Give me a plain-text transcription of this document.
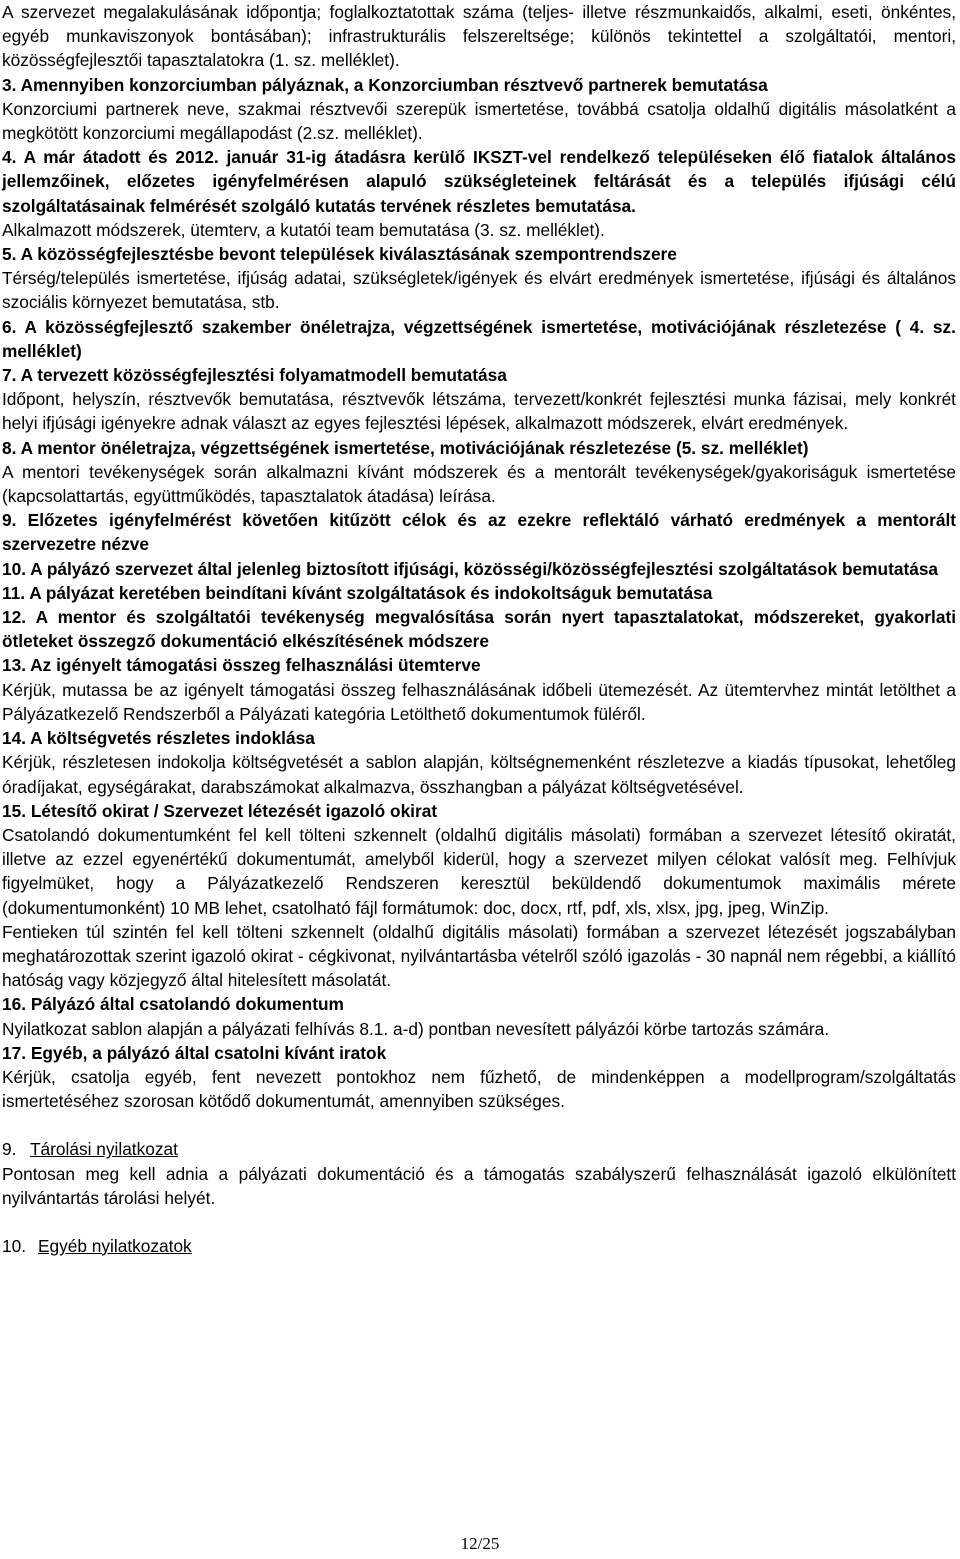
A szervezet megalakulásának időpontja; foglalkoztatottak száma (teljes- illetve részmunkaidős, alkalmi, eseti, önkéntes, egyéb munkaviszonyok bontásában); infrastrukturális felszereltsége; különös tekintettel a szolgáltatói, mentori, közösségfejlesztői tapasztalatokra (1. sz. melléklet).

3. Amennyiben konzorciumban pályáznak, a Konzorciumban résztvevő partnerek bemutatása

Konzorciumi partnerek neve, szakmai résztvevői szerepük ismertetése, továbbá csatolja oldalhű digitális másolatként a megkötött konzorciumi megállapodást (2.sz. melléklet).

4. A már átadott és 2012. január 31-ig átadásra kerülő IKSZT-vel rendelkező településeken élő fiatalok általános jellemzőinek, előzetes igényfelmérésen alapuló szükségleteinek feltárását és a település ifjúsági célú szolgáltatásainak felmérését szolgáló kutatás tervének részletes bemutatása.

Alkalmazott módszerek, ütemterv, a kutatói team bemutatása (3. sz. melléklet).

5. A közösségfejlesztésbe bevont települések kiválasztásának szempontrendszere

Térség/település ismertetése, ifjúság adatai, szükségletek/igények és elvárt eredmények ismertetése, ifjúsági és általános szociális környezet bemutatása, stb.

6. A közösségfejlesztő szakember önéletrajza, végzettségének ismertetése, motivációjának részletezése ( 4. sz. melléklet)

7. A tervezett közösségfejlesztési folyamatmodell bemutatása

Időpont, helyszín, résztvevők bemutatása, résztvevők létszáma, tervezett/konkrét fejlesztési munka fázisai, mely konkrét helyi ifjúsági igényekre adnak választ az egyes fejlesztési lépések, alkalmazott módszerek, elvárt eredmények.

8. A mentor önéletrajza, végzettségének ismertetése, motivációjának részletezése (5. sz. melléklet)

A mentori tevékenységek során alkalmazni kívánt módszerek és a mentorált tevékenységek/gyakoriságuk ismertetése (kapcsolattartás, együttműködés, tapasztalatok átadása) leírása.

9. Előzetes igényfelmérést követően kitűzött célok és az ezekre reflektáló várható eredmények a mentorált szervezetre nézve

10. A pályázó szervezet által jelenleg biztosított ifjúsági, közösségi/közösségfejlesztési szolgáltatások bemutatása

11. A pályázat keretében beindítani kívánt szolgáltatások és indokoltságuk bemutatása

12. A mentor és szolgáltatói tevékenység megvalósítása során nyert tapasztalatokat, módszereket, gyakorlati ötleteket összegző dokumentáció elkészítésének módszere

13. Az igényelt támogatási összeg felhasználási ütemterve

Kérjük, mutassa be az igényelt támogatási összeg felhasználásának időbeli ütemezését. Az ütemtervhez mintát letölthet a Pályázatkezelő Rendszerből a Pályázati kategória Letölthető dokumentumok füléről.

14. A költségvetés részletes indoklása

Kérjük, részletesen indokolja költségvetését a sablon alapján, költségnemenként részletezve a kiadás típusokat, lehetőleg óradíjakat, egységárakat, darabszámokat alkalmazva, összhangban a pályázat költségvetésével.

15. Létesítő okirat / Szervezet létezését igazoló okirat

Csatolandó dokumentumként fel kell tölteni szkennelt (oldalhű digitális másolati) formában a szervezet létesítő okiratát, illetve az ezzel egyenértékű dokumentumát, amelyből kiderül, hogy a szervezet milyen célokat valósít meg. Felhívjuk figyelmüket, hogy a Pályázatkezelő Rendszeren keresztül beküldendő dokumentumok maximális mérete (dokumentumonként) 10 MB lehet, csatolható fájl formátumok: doc, docx, rtf, pdf, xls, xlsx, jpg, jpeg, WinZip.

Fentieken túl szintén fel kell tölteni szkennelt (oldalhű digitális másolati) formában a szervezet létezését jogszabályban meghatározottak szerint igazoló okirat - cégkivonat, nyilvántartásba vételről szóló igazolás - 30 napnál nem régebbi, a kiállító hatóság vagy közjegyző által hitelesített másolatát.

16. Pályázó által csatolandó dokumentum

Nyilatkozat sablon alapján a pályázati felhívás 8.1. a-d) pontban nevesített pályázói körbe tartozás számára.

17. Egyéb, a pályázó által csatolni kívánt iratok

Kérjük, csatolja egyéb, fent nevezett pontokhoz nem fűzhető, de mindenképpen a modellprogram/szolgáltatás ismertetéséhez szorosan kötődő dokumentumát, amennyiben szükséges.

9. Tárolási nyilatkozat

Pontosan meg kell adnia a pályázati dokumentáció és a támogatás szabályszerű felhasználását igazoló elkülönített nyilvántartás tárolási helyét.

10. Egyéb nyilatkozatok

12/25
